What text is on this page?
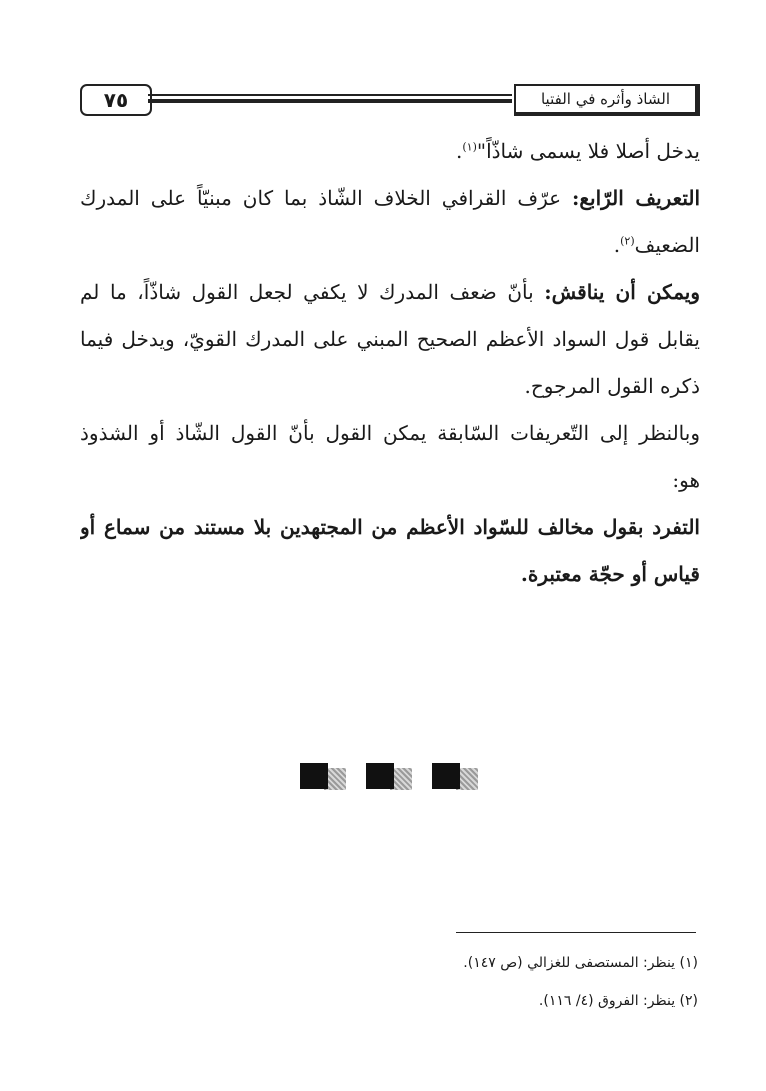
٧٥	الشاذ وأثره في الفتيا
يدخل أصلا فلا يسمى شاذّاً"$^{(١)}$.
التعريف الرّابع: عرّف القرافي الخلاف الشّاذ بما كان مبنيّاً على المدرك
الضعيف$^{(٢)}$.
ويمكن أن يناقش: بأنّ ضعف المدرك لا يكفي لجعل القول شاذّاً، ما لم
يقابل قول السواد الأعظم الصحيح المبني على المدرك القويّ، ويدخل فيما
ذكره القول المرجوح.
وبالنظر إلى التّعريفات السّابقة يمكن القول بأنّ القول الشّاذ أو الشذوذ
هو:
التفرد بقول مخالف للسّواد الأعظم من المجتهدين بلا مستند من سماع أو
قياس أو حجّة معتبرة.
(١) ينظر: المستصفى للغزالي (ص ١٤٧).
(٢) ينظر: الفروق (٤/ ١١٦).
